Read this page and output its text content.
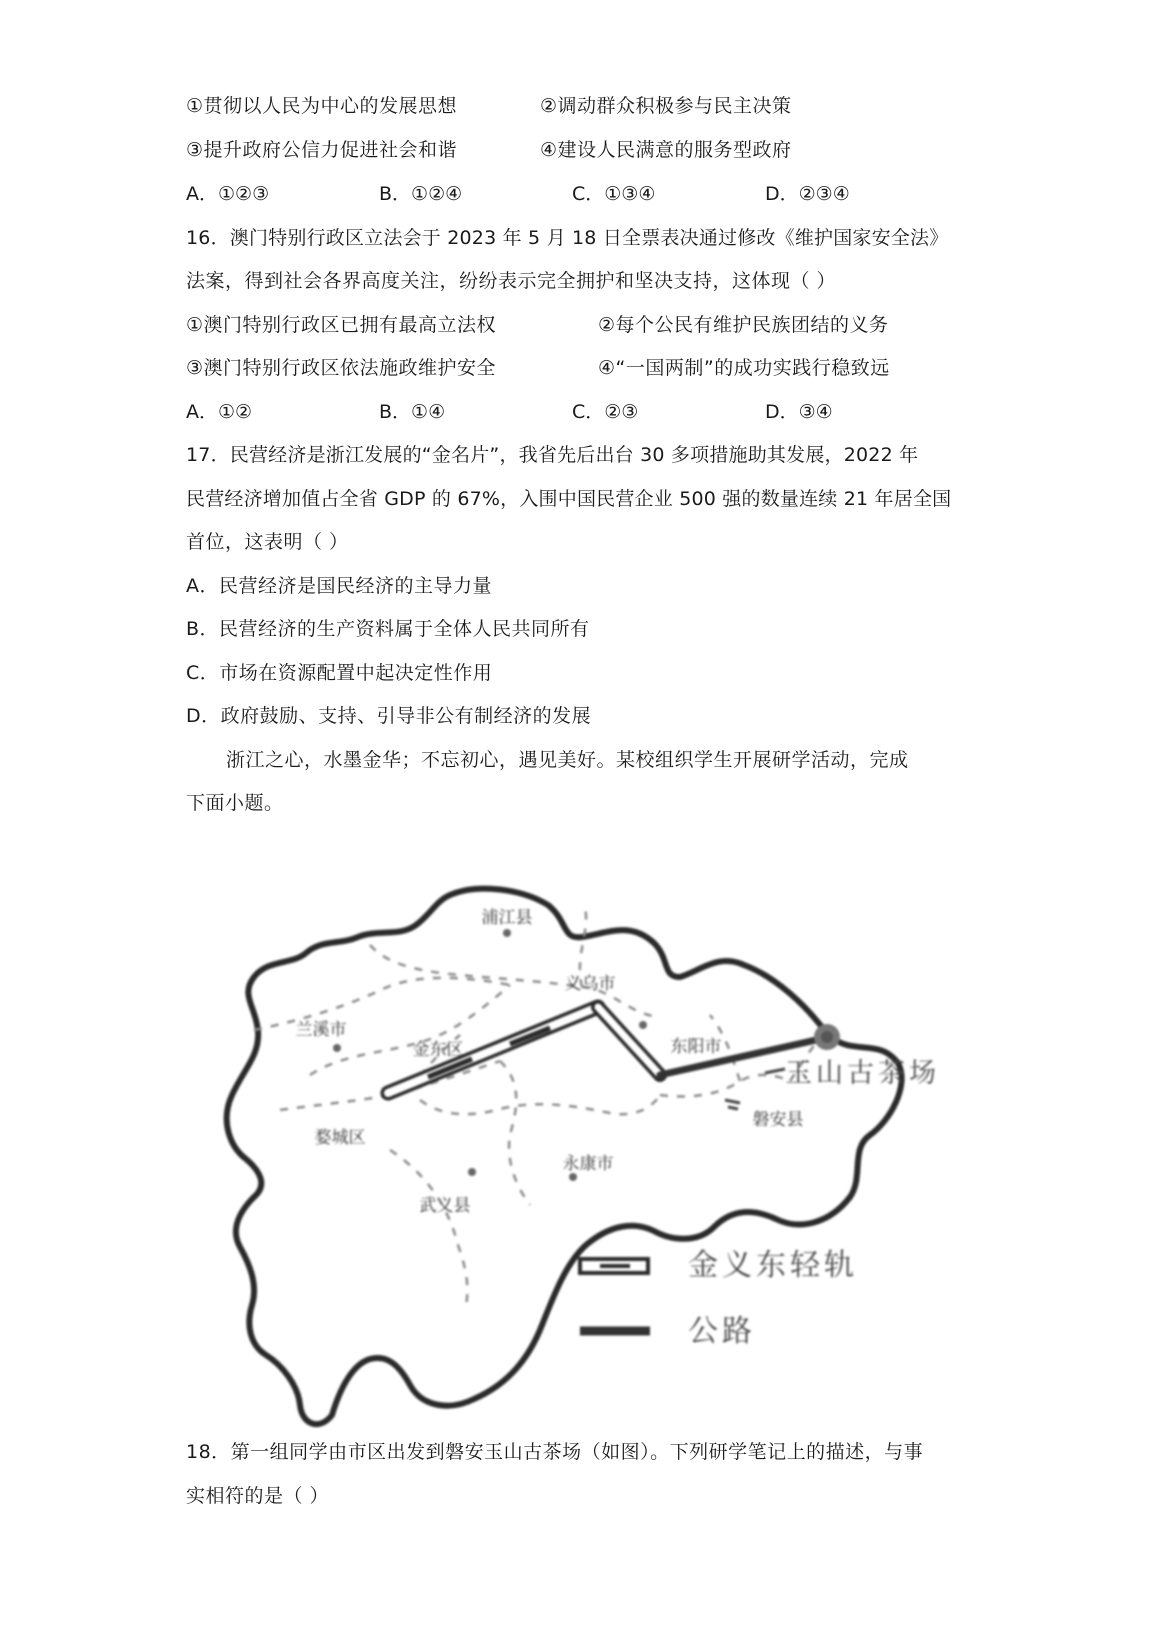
①贯彻以人民为中心的发展思想	②调动群众积极参与民主决策
③提升政府公信力促进社会和谐	④建设人民满意的服务型政府
A．①②③	B．①②④	C．①③④	D．②③④
16．澳门特别行政区立法会于 2023 年 5 月 18 日全票表决通过修改《维护国家安全法》
法案，得到社会各界高度关注，纷纷表示完全拥护和坚决支持，这体现（ ）
①澳门特别行政区已拥有最高立法权	②每个公民有维护民族团结的义务
③澳门特别行政区依法施政维护安全	④“一国两制”的成功实践行稳致远
A．①②	B．①④	C．②③	D．③④
17．民营经济是浙江发展的“金名片”，我省先后出台 30 多项措施助其发展，2022 年
民营经济增加值占全省 GDP 的 67%，入围中国民营企业 500 强的数量连续 21 年居全国
首位，这表明（ ）
A．民营经济是国民经济的主导力量
B．民营经济的生产资料属于全体人民共同所有
C．市场在资源配置中起决定性作用
D．政府鼓励、支持、引导非公有制经济的发展
浙江之心，水墨金华；不忘初心，遇见美好。某校组织学生开展研学活动，完成
下面小题。
浦江县
义乌市
兰溪市
金东区	东阳市
婺城区
磐安县
永康市
武义县
玉山古茶场
金义东轻轨
公路
18．第一组同学由市区出发到磐安玉山古茶场（如图）。下列研学笔记上的描述，与事
实相符的是（ ）
